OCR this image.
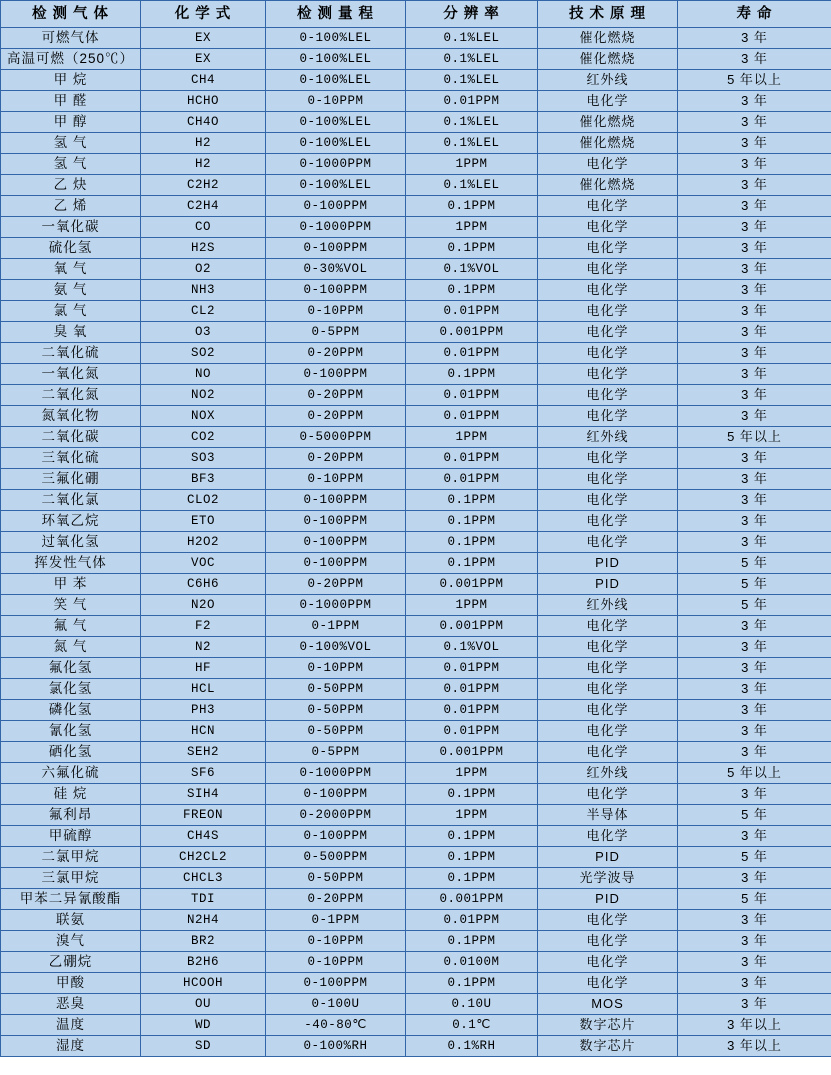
检 测 气 体	化 学 式	检 测 量 程	分 辨 率	技 术 原 理	寿 命
可燃气体	EX	0-100%LEL	0.1%LEL	催化燃烧	3 年
高温可燃（250℃）	EX	0-100%LEL	0.1%LEL	催化燃烧	3 年
甲 烷	CH4	0-100%LEL	0.1%LEL	红外线	5 年以上
甲 醛	HCHO	0-10PPM	0.01PPM	电化学	3 年
甲 醇	CH4O	0-100%LEL	0.1%LEL	催化燃烧	3 年
氢 气	H2	0-100%LEL	0.1%LEL	催化燃烧	3 年
氢 气	H2	0-1000PPM	1PPM	电化学	3 年
乙 炔	C2H2	0-100%LEL	0.1%LEL	催化燃烧	3 年
乙 烯	C2H4	0-100PPM	0.1PPM	电化学	3 年
一氧化碳	CO	0-1000PPM	1PPM	电化学	3 年
硫化氢	H2S	0-100PPM	0.1PPM	电化学	3 年
氧 气	O2	0-30%VOL	0.1%VOL	电化学	3 年
氨 气	NH3	0-100PPM	0.1PPM	电化学	3 年
氯 气	CL2	0-10PPM	0.01PPM	电化学	3 年
臭 氧	O3	0-5PPM	0.001PPM	电化学	3 年
二氧化硫	SO2	0-20PPM	0.01PPM	电化学	3 年
一氧化氮	NO	0-100PPM	0.1PPM	电化学	3 年
二氧化氮	NO2	0-20PPM	0.01PPM	电化学	3 年
氮氧化物	NOX	0-20PPM	0.01PPM	电化学	3 年
二氧化碳	CO2	0-5000PPM	1PPM	红外线	5 年以上
三氧化硫	SO3	0-20PPM	0.01PPM	电化学	3 年
三氟化硼	BF3	0-10PPM	0.01PPM	电化学	3 年
二氧化氯	CLO2	0-100PPM	0.1PPM	电化学	3 年
环氧乙烷	ETO	0-100PPM	0.1PPM	电化学	3 年
过氧化氢	H2O2	0-100PPM	0.1PPM	电化学	3 年
挥发性气体	VOC	0-100PPM	0.1PPM	PID	5 年
甲 苯	C6H6	0-20PPM	0.001PPM	PID	5 年
笑 气	N2O	0-1000PPM	1PPM	红外线	5 年
氟 气	F2	0-1PPM	0.001PPM	电化学	3 年
氮 气	N2	0-100%VOL	0.1%VOL	电化学	3 年
氟化氢	HF	0-10PPM	0.01PPM	电化学	3 年
氯化氢	HCL	0-50PPM	0.01PPM	电化学	3 年
磷化氢	PH3	0-50PPM	0.01PPM	电化学	3 年
氰化氢	HCN	0-50PPM	0.01PPM	电化学	3 年
硒化氢	SEH2	0-5PPM	0.001PPM	电化学	3 年
六氟化硫	SF6	0-1000PPM	1PPM	红外线	5 年以上
硅 烷	SIH4	0-100PPM	0.1PPM	电化学	3 年
氟利昂	FREON	0-2000PPM	1PPM	半导体	5 年
甲硫醇	CH4S	0-100PPM	0.1PPM	电化学	3 年
二氯甲烷	CH2CL2	0-500PPM	0.1PPM	PID	5 年
三氯甲烷	CHCL3	0-50PPM	0.1PPM	光学波导	3 年
甲苯二异氰酸酯	TDI	0-20PPM	0.001PPM	PID	5 年
联氨	N2H4	0-1PPM	0.01PPM	电化学	3 年
溴气	BR2	0-10PPM	0.1PPM	电化学	3 年
乙硼烷	B2H6	0-10PPM	0.0100M	电化学	3 年
甲酸	HCOOH	0-100PPM	0.1PPM	电化学	3 年
恶臭	OU	0-100U	0.10U	MOS	3 年
温度	WD	-40-80℃	0.1℃	数字芯片	3 年以上
湿度	SD	0-100%RH	0.1%RH	数字芯片	3 年以上
